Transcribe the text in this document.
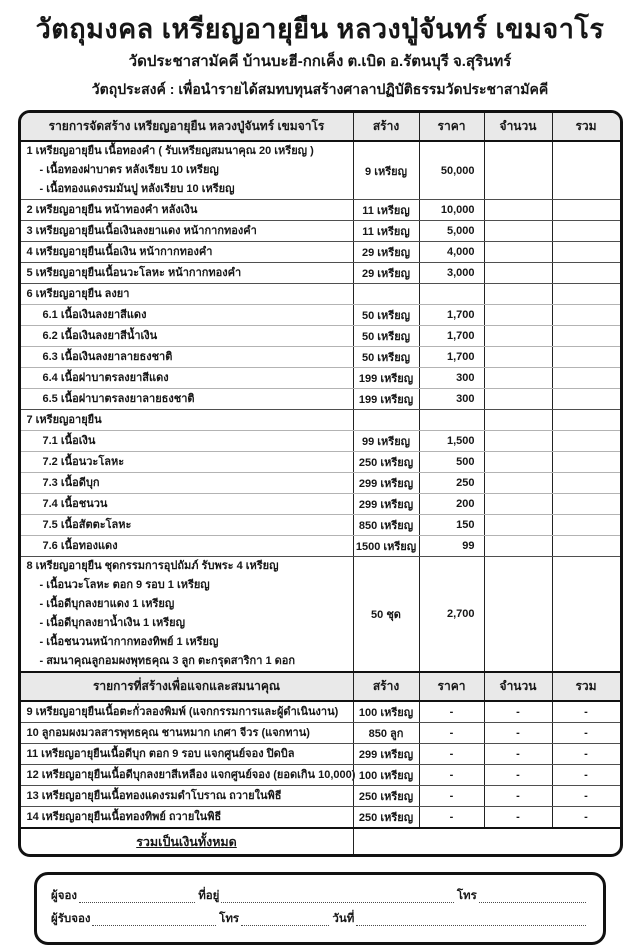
วัตถุมงคล เหรียญอายุยืน หลวงปู่จันทร์ เขมจาโร
วัดประชาสามัคคี บ้านบะฮี-กกเค็ง ต.เบิด อ.รัตนบุรี จ.สุรินทร์
วัตถุประสงค์ : เพื่อนำรายได้สมทบทุนสร้างศาลาปฏิบัติธรรมวัดประชาสามัคคี
รายการจัดสร้าง เหรียญอายุยืน หลวงปู่จันทร์ เขมจาโร	สร้าง	ราคา	จำนวน	รวม
1 เหรียญอายุยืน เนื้อทองคำ ( รับเหรียญสมนาคุณ 20 เหรียญ )
- เนื้อทองฝาบาตร หลังเรียบ 10 เหรียญ
- เนื้อทองแดงรมมันปู หลังเรียบ 10 เหรียญ
9 เหรียญ	50,000
2 เหรียญอายุยืน หน้าทองคำ หลังเงิน	11 เหรียญ	10,000
3 เหรียญอายุยืนเนื้อเงินลงยาแดง หน้ากากทองคำ	11 เหรียญ	5,000
4 เหรียญอายุยืนเนื้อเงิน หน้ากากทองคำ	29 เหรียญ	4,000
5 เหรียญอายุยืนเนื้อนวะโลหะ หน้ากากทองคำ	29 เหรียญ	3,000
6 เหรียญอายุยืน ลงยา
6.1 เนื้อเงินลงยาสีแดง	50 เหรียญ	1,700
6.2 เนื้อเงินลงยาสีน้ำเงิน	50 เหรียญ	1,700
6.3 เนื้อเงินลงยาลายธงชาติ	50 เหรียญ	1,700
6.4 เนื้อฝาบาตรลงยาสีแดง	199 เหรียญ	300
6.5 เนื้อฝาบาตรลงยาลายธงชาติ	199 เหรียญ	300
7 เหรียญอายุยืน
7.1 เนื้อเงิน	99 เหรียญ	1,500
7.2 เนื้อนวะโลหะ	250 เหรียญ	500
7.3 เนื้อดีบุก	299 เหรียญ	250
7.4 เนื้อชนวน	299 เหรียญ	200
7.5 เนื้อสัตตะโลหะ	850 เหรียญ	150
7.6 เนื้อทองแดง	1500 เหรียญ	99
8 เหรียญอายุยืน ชุดกรรมการอุปถัมภ์ รับพระ 4 เหรียญ
- เนื้อนวะโลหะ ตอก 9 รอบ 1 เหรียญ
- เนื้อดีบุกลงยาแดง 1 เหรียญ
- เนื้อดีบุกลงยาน้ำเงิน 1 เหรียญ
- เนื้อชนวนหน้ากากทองทิพย์ 1 เหรียญ
- สมนาคุณลูกอมผงพุทธคุณ 3 ลูก ตะกรุดสาริกา 1 ดอก
50 ชุด	2,700
รายการที่สร้างเพื่อแจกและสมนาคุณ	สร้าง	ราคา	จำนวน	รวม
9 เหรียญอายุยืนเนื้อตะกั่วลองพิมพ์ (แจกกรรมการและผู้ดำเนินงาน)	100 เหรียญ	-	-	-
10 ลูกอมผงมวลสารพุทธคุณ ชานหมาก เกศา จีวร (แจกทาน)	850 ลูก	-	-	-
11 เหรียญอายุยืนเนื้อดีบุก ตอก 9 รอบ แจกศูนย์จอง ปิดบิล	299 เหรียญ	-	-	-
12 เหรียญอายุยืนเนื้อดีบุกลงยาสีเหลือง แจกศูนย์จอง (ยอดเกิน 10,000) 100 เหรียญ	-	-	-
13 เหรียญอายุยืนเนื้อทองแดงรมดำโบราณ ถวายในพิธี	250 เหรียญ	-	-	-
14 เหรียญอายุยืนเนื้อทองทิพย์ ถวายในพิธี	250 เหรียญ	-	-	-
รวมเป็นเงินทั้งหมด
ผู้จอง	ที่อยู่	โทร
ผู้รับจอง	โทร	วันที่
